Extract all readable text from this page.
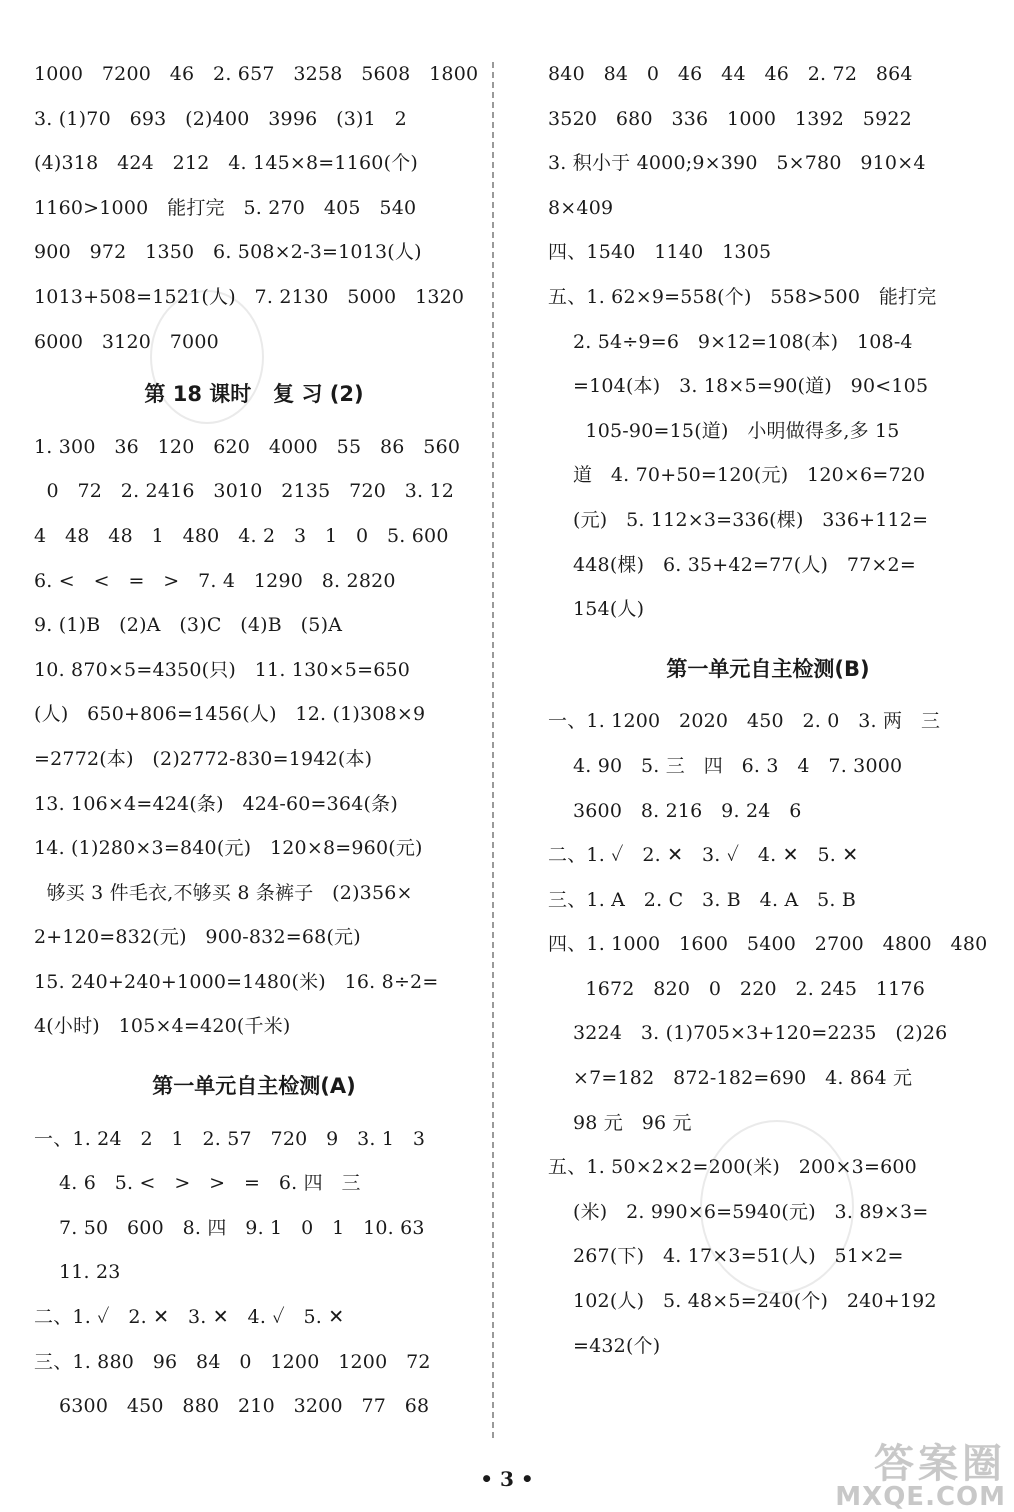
1000   7200   46   2. 657   3258   5608   1800
3. (1)70   693   (2)400   3996   (3)1   2
(4)318   424   212   4. 145×8=1160(个)
1160>1000   能打完   5. 270   405   540
900   972   1350   6. 508×2-3=1013(人)
1013+508=1521(人)   7. 2130   5000   1320
6000   3120   7000
第 18 课时   复 习 (2)
1. 300   36   120   620   4000   55   86   560
0   72   2. 2416   3010   2135   720   3. 12
4   48   48   1   480   4. 2   3   1   0   5. 600
6. <   <   =   >   7. 4   1290   8. 2820
9. (1)B   (2)A   (3)C   (4)B   (5)A
10. 870×5=4350(只)   11. 130×5=650
(人)   650+806=1456(人)   12. (1)308×9
=2772(本)   (2)2772-830=1942(本)
13. 106×4=424(条)   424-60=364(条)
14. (1)280×3=840(元)   120×8=960(元)
够买 3 件毛衣,不够买 8 条裤子   (2)356×
2+120=832(元)   900-832=68(元)
15. 240+240+1000=1480(米)   16. 8÷2=
4(小时)   105×4=420(千米)
第一单元自主检测(A)
一、1. 24   2   1   2. 57   720   9   3. 1   3
4. 6   5. <   >   >   =   6. 四   三
7. 50   600   8. 四   9. 1   0   1   10. 63
11. 23
二、1. ✓   2. ✕   3. ✕   4. ✓   5. ✕
三、1. 880   96   84   0   1200   1200   72
6300   450   880   210   3200   77   68
840   84   0   46   44   46   2. 72   864
3520   680   336   1000   1392   5922
3. 积小于 4000;9×390   5×780   910×4
8×409
四、1540   1140   1305
五、1. 62×9=558(个)   558>500   能打完
2. 54÷9=6   9×12=108(本)   108-4
=104(本)   3. 18×5=90(道)   90<105
105-90=15(道)   小明做得多,多 15
道   4. 70+50=120(元)   120×6=720
(元)   5. 112×3=336(棵)   336+112=
448(棵)   6. 35+42=77(人)   77×2=
154(人)
第一单元自主检测(B)
一、1. 1200   2020   450   2. 0   3. 两   三
4. 90   5. 三   四   6. 3   4   7. 3000
3600   8. 216   9. 24   6
二、1. ✓   2. ✕   3. ✓   4. ✕   5. ✕
三、1. A   2. C   3. B   4. A   5. B
四、1. 1000   1600   5400   2700   4800   480
1672   820   0   220   2. 245   1176
3224   3. (1)705×3+120=2235   (2)26
×7=182   872-182=690   4. 864 元
98 元   96 元
五、1. 50×2×2=200(米)   200×3=600
(米)   2. 990×6=5940(元)   3. 89×3=
267(下)   4. 17×3=51(人)   51×2=
102(人)   5. 48×5=240(个)   240+192
=432(个)
• 3 •	答案圈
MXQE.COM
